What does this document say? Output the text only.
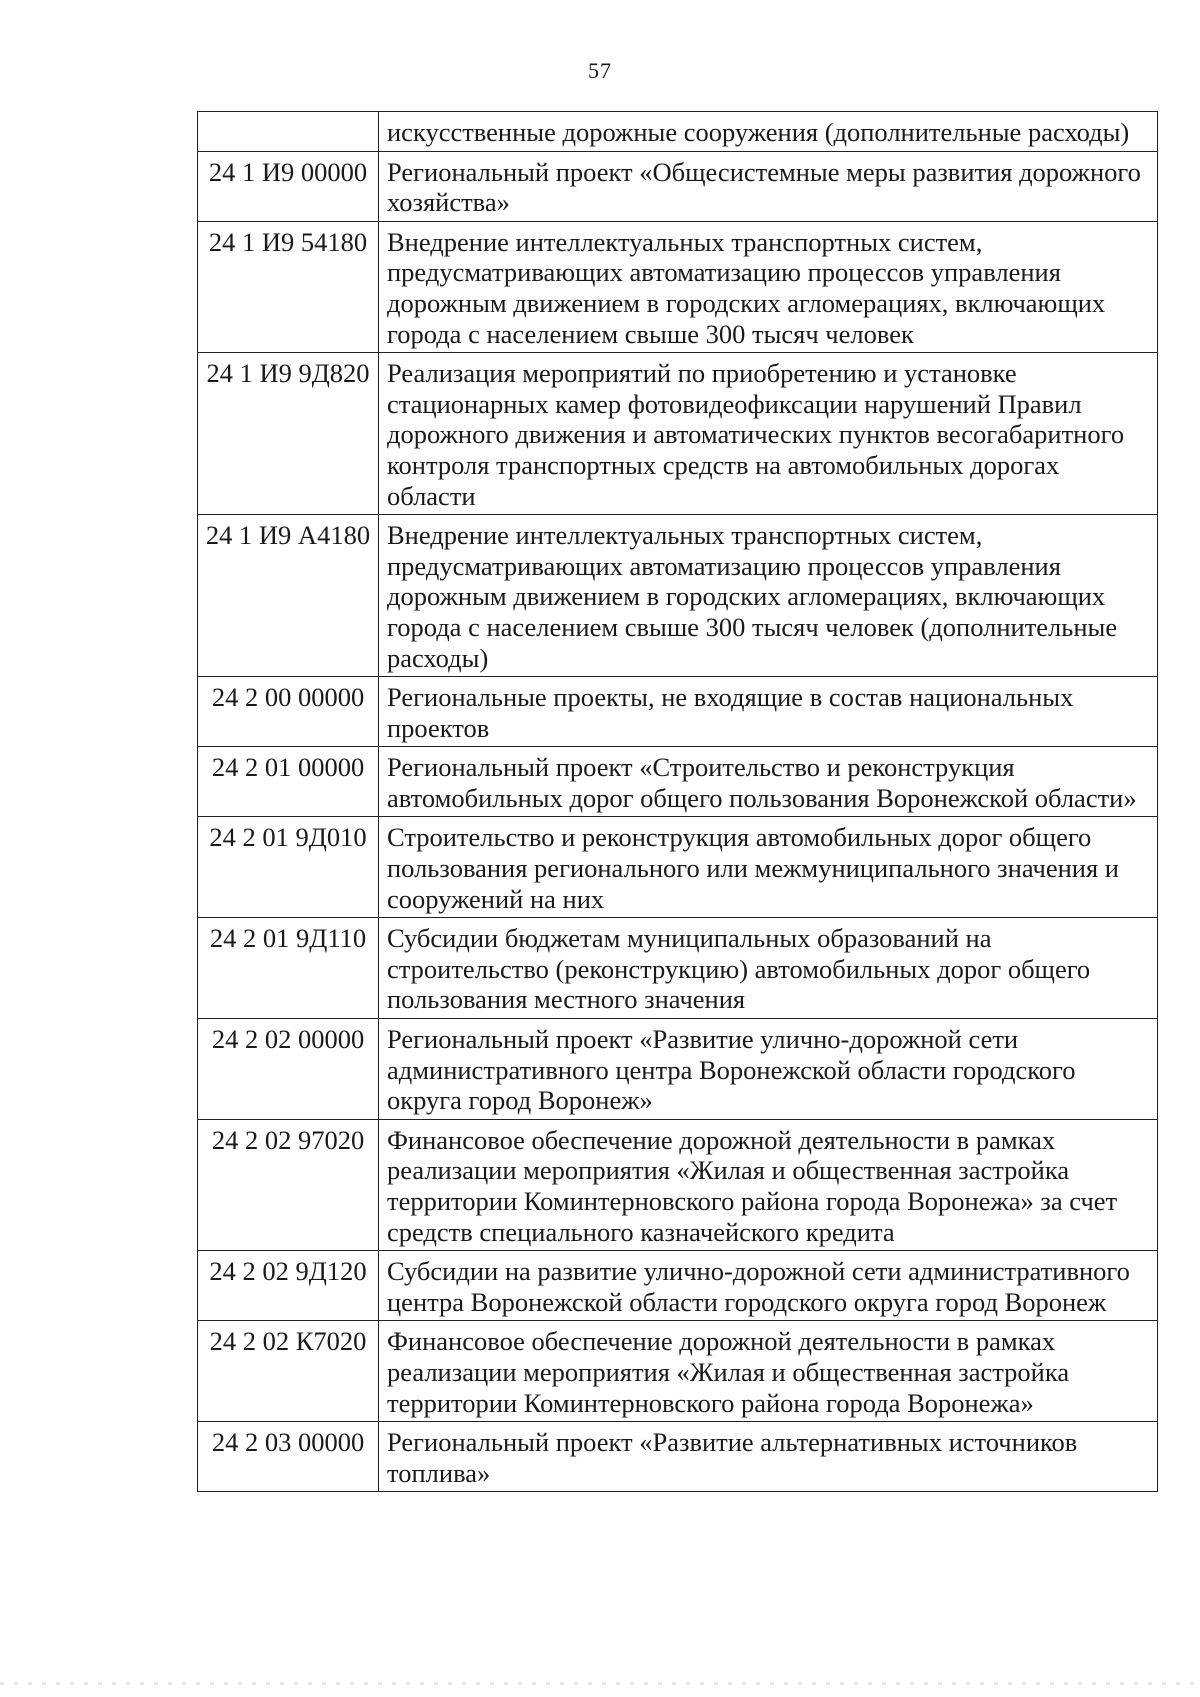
57
	искусственные дорожные сооружения (дополнительные расходы)
24 1 И9 00000	Региональный проект «Общесистемные меры развития дорожного хозяйства»
24 1 И9 54180	Внедрение интеллектуальных транспортных систем, предусматривающих автоматизацию процессов управления дорожным движением в городских агломерациях, включающих города с населением свыше 300 тысяч человек
24 1 И9 9Д820	Реализация мероприятий по приобретению и установке стационарных камер фотовидеофиксации нарушений Правил дорожного движения и автоматических пунктов весогабаритного контроля транспортных средств на автомобильных дорогах области
24 1 И9 А4180	Внедрение интеллектуальных транспортных систем, предусматривающих автоматизацию процессов управления дорожным движением в городских агломерациях, включающих города с населением свыше 300 тысяч человек (дополнительные расходы)
24 2 00 00000	Региональные проекты, не входящие в состав национальных проектов
24 2 01 00000	Региональный проект «Строительство и реконструкция автомобильных дорог общего пользования Воронежской области»
24 2 01 9Д010	Строительство и реконструкция автомобильных дорог общего пользования регионального или межмуниципального значения и сооружений на них
24 2 01 9Д110	Субсидии бюджетам муниципальных образований на строительство (реконструкцию) автомобильных дорог общего пользования местного значения
24 2 02 00000	Региональный проект «Развитие улично-дорожной сети административного центра Воронежской области городского округа город Воронеж»
24 2 02 97020	Финансовое обеспечение дорожной деятельности в рамках реализации мероприятия «Жилая и общественная застройка территории Коминтерновского района города Воронежа» за счет средств специального казначейского кредита
24 2 02 9Д120	Субсидии на развитие улично-дорожной сети административного центра Воронежской области городского округа город Воронеж
24 2 02 К7020	Финансовое обеспечение дорожной деятельности в рамках реализации мероприятия «Жилая и общественная застройка территории Коминтерновского района города Воронежа»
24 2 03 00000	Региональный проект «Развитие альтернативных источников топлива»
